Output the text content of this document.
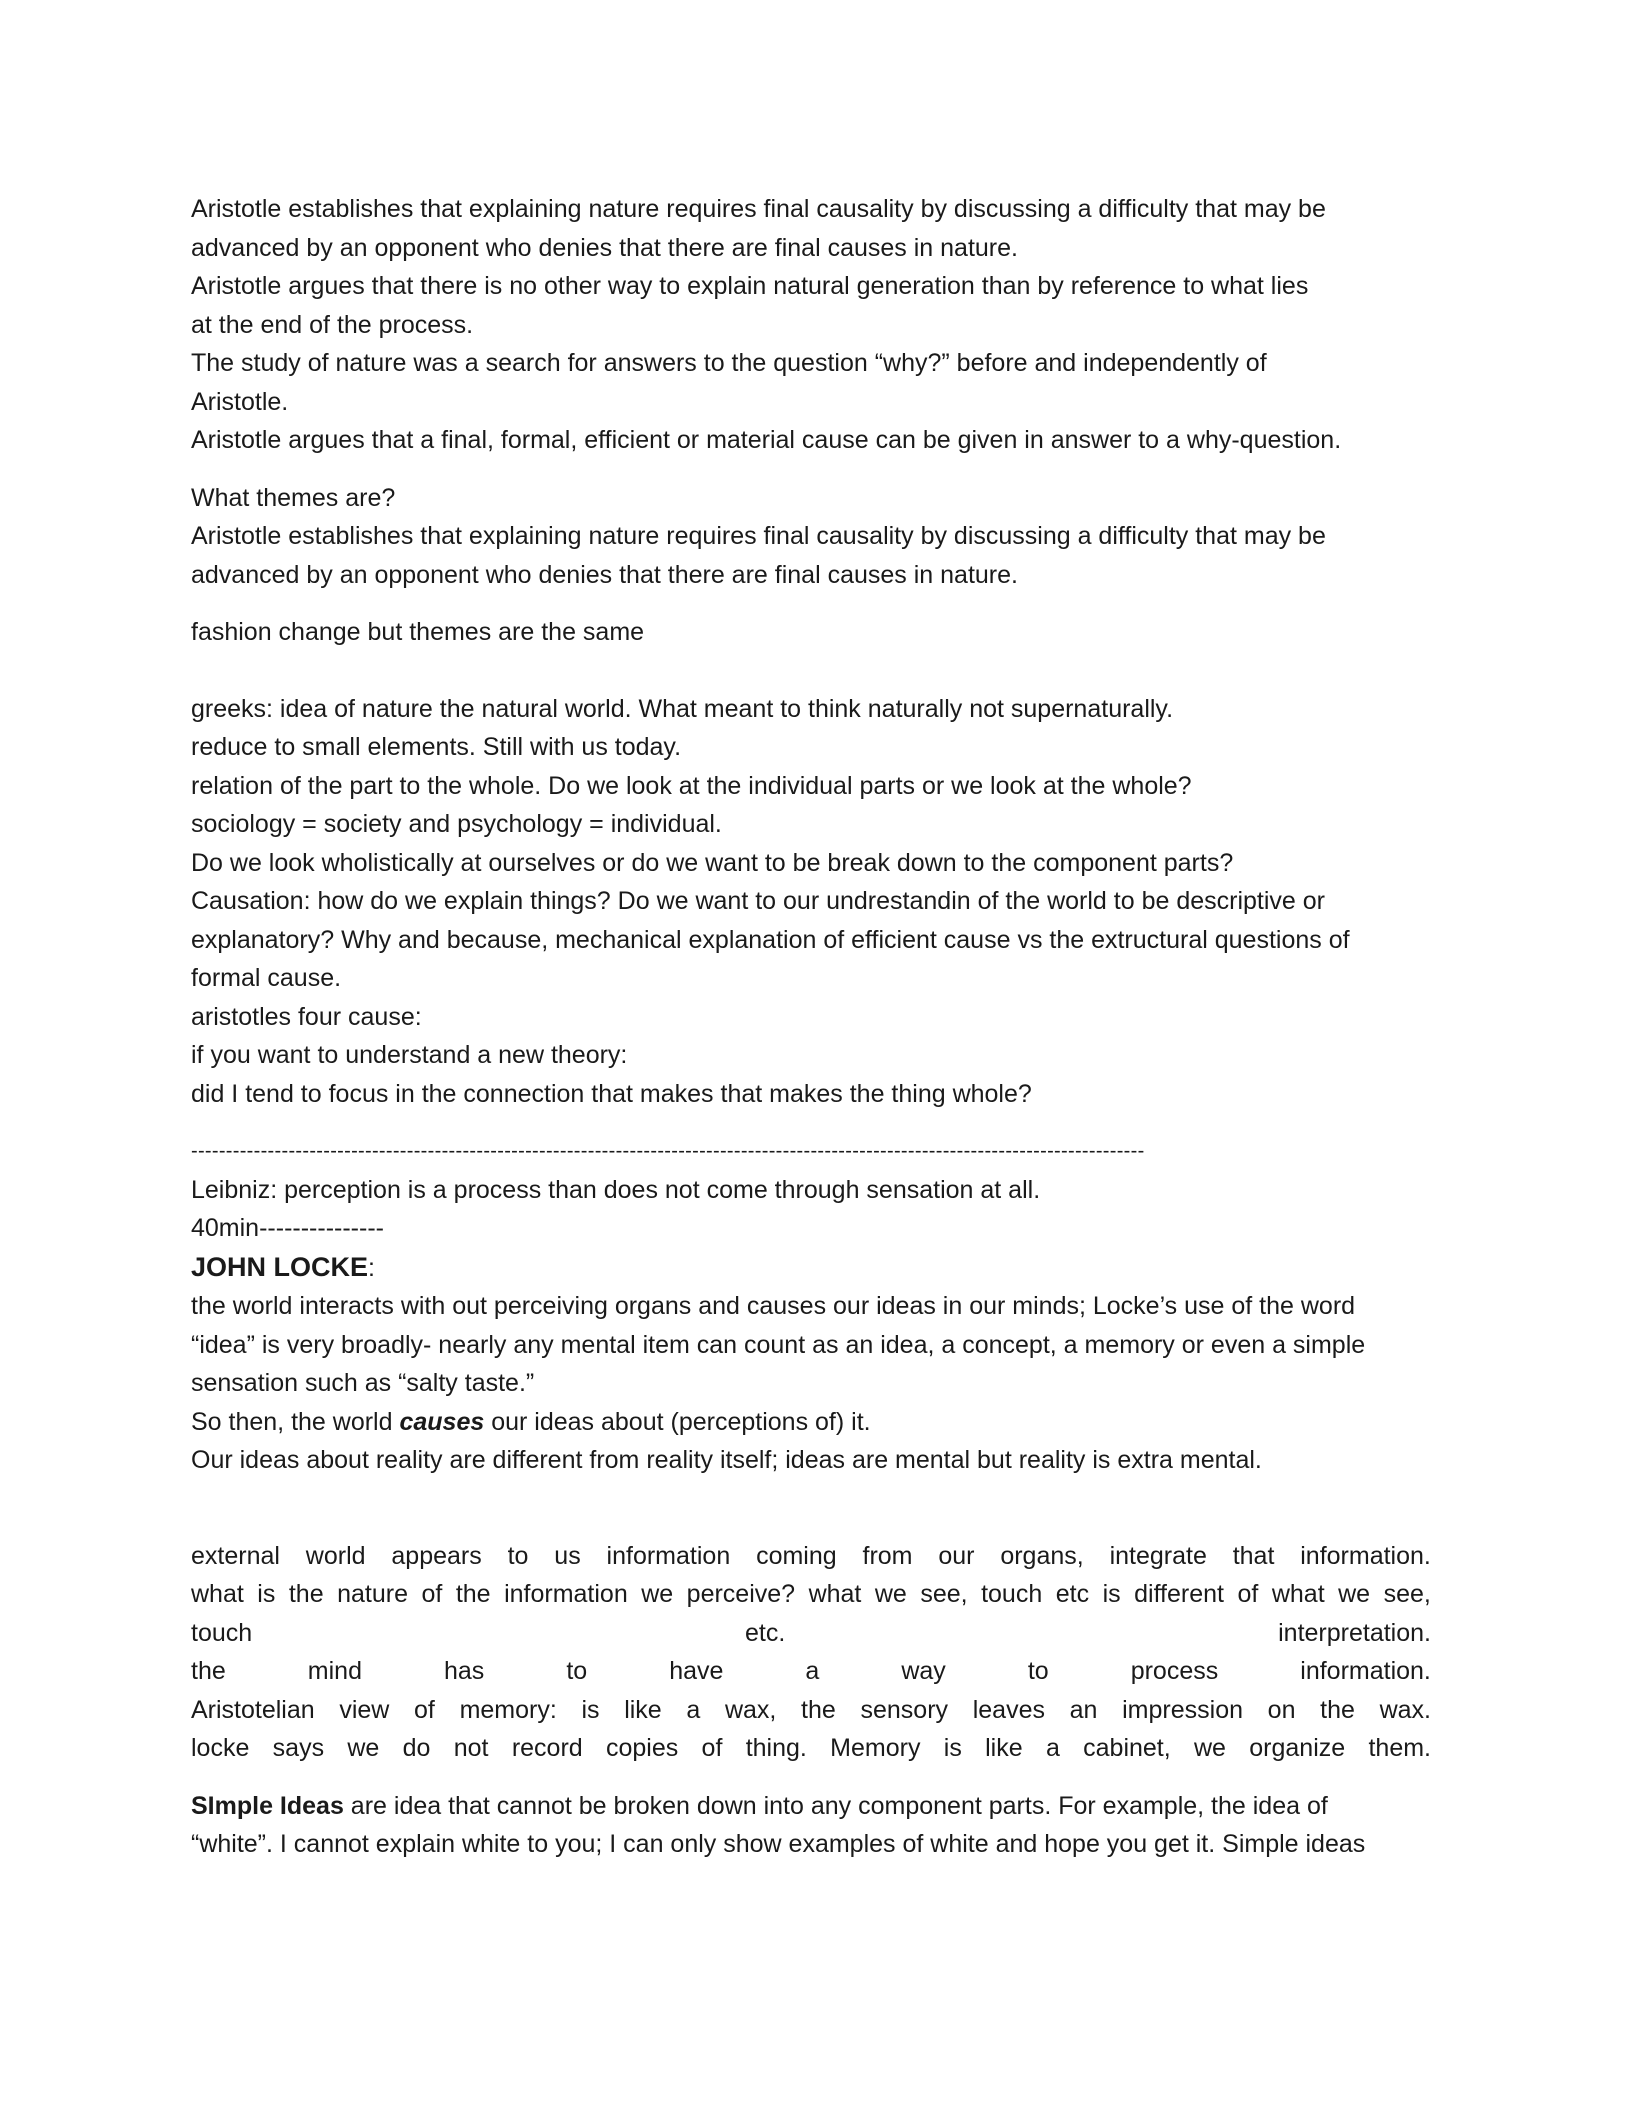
Aristotle establishes that explaining nature requires final causality by discussing a difficulty that may be
advanced by an opponent who denies that there are final causes in nature.
Aristotle argues that there is no other way to explain natural generation than by reference to what lies
at the end of the process.
The study of nature was a search for answers to the question “why?” before and independently of
Aristotle.
Aristotle argues that a final, formal, efficient or material cause can be given in answer to a why-question.
What themes are?
Aristotle establishes that explaining nature requires final causality by discussing a difficulty that may be
advanced by an opponent who denies that there are final causes in nature.
fashion change but themes are the same
greeks: idea of nature the natural world. What meant to think naturally not supernaturally.
reduce to small elements. Still with us today.
relation of the part to the whole. Do we look at the individual parts or we look at the whole?
sociology = society and psychology = individual.
Do we look wholistically at ourselves or do we want to be break down to the component parts?
Causation: how do we explain things? Do we want to our undrestandin of the world to be descriptive or
explanatory? Why and because, mechanical explanation of efficient cause vs the extructural questions of
formal cause.
aristotles four cause:
if you want to understand a new theory:
did I tend to focus in the connection that makes that makes the thing whole?
-----------------------------------------------------------------------------------------------------------------------------------------
Leibniz: perception is a process than does not come through sensation at all.
40min---------------
JOHN LOCKE:
the world interacts with out perceiving organs and causes our ideas in our minds; Locke’s use of the word
“idea” is very broadly- nearly any mental item can count as an idea, a concept, a memory or even a simple
sensation such as “salty taste.”
So then, the world causes our ideas about (perceptions of) it.
Our ideas about reality are different from reality itself; ideas are mental but reality is extra mental.
external world appears to us information coming from our organs, integrate that information.
what is the nature of the information we perceive? what we see, touch etc is different of what we see,
touch	etc.	interpretation.
the	mind	has	to	have	a	way	to	process	information.
Aristotelian view of memory: is like a wax, the sensory leaves an impression on the wax.
locke says we do not record copies of thing. Memory is like a cabinet, we organize them.
SImple Ideas are idea that cannot be broken down into any component parts. For example, the idea of
“white”. I cannot explain white to you; I can only show examples of white and hope you get it. Simple ideas
